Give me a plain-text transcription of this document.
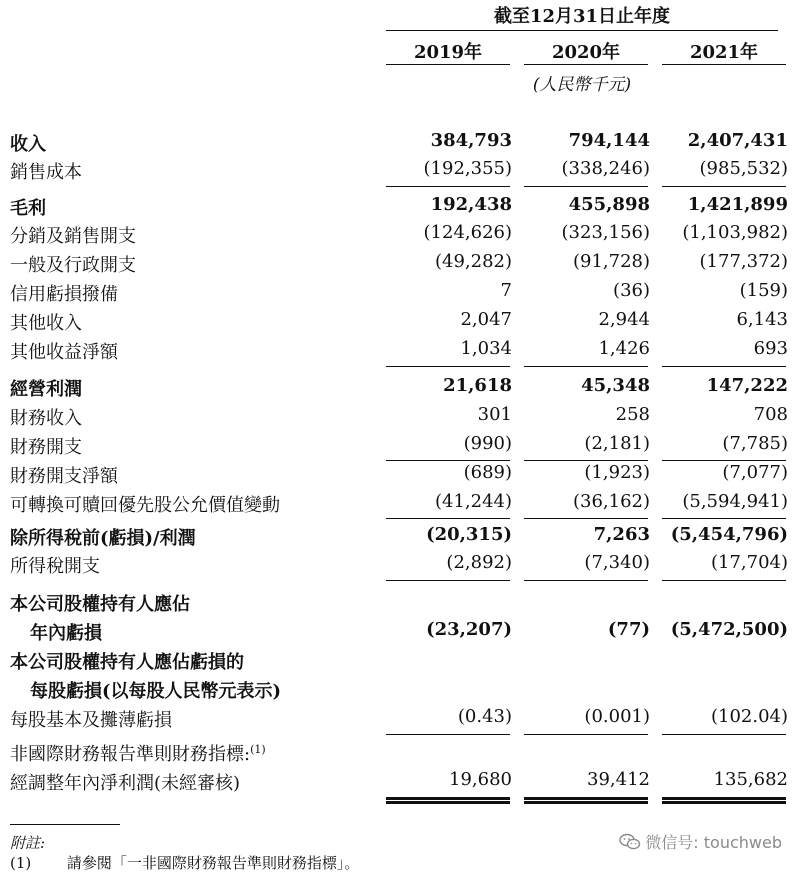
截至12月31日止年度
2019年	2020年	2021年
(人民幣千元)
收入	384,793	794,144 2,407,431
銷售成本	(192,355)	(338,246)	(985,532)
毛利	192,438	455,898 1,421,899
分銷及銷售開支	(124,626)	(323,156) (1,103,982)
一般及行政開支	(49,282)	(91,728)	(177,372)
信用虧損撥備	7	(36)	(159)
其他收入	2,047	2,944	6,143
其他收益淨額	1,034	1,426	693
經營利潤	21,618	45,348	147,222
財務收入	301	258	708
財務開支	(990)	(2,181)	(7,785)
財務開支淨額	(689)	(1,923)	(7,077)
可轉換可贖回優先股公允價值變動	(41,244)	(36,162) (5,594,941)
除所得稅前(虧損)/利潤	(20,315)	7,263 (5,454,796)
所得稅開支	(2,892)	(7,340)	(17,704)
本公司股權持有人應佔
年內虧損	(23,207)	(77) (5,472,500)
本公司股權持有人應佔虧損的
每股虧損(以每股人民幣元表示)
每股基本及攤薄虧損	(0.43)	(0.001)	(102.04)
非國際財務報告準則財務指標:$^{(1)}$
經調整年內淨利潤(未經審核)	19,680	39,412	135,682
附註:
(1) 請參閱「一非國際財務報告準則財務指標」。
微信号: touchweb
